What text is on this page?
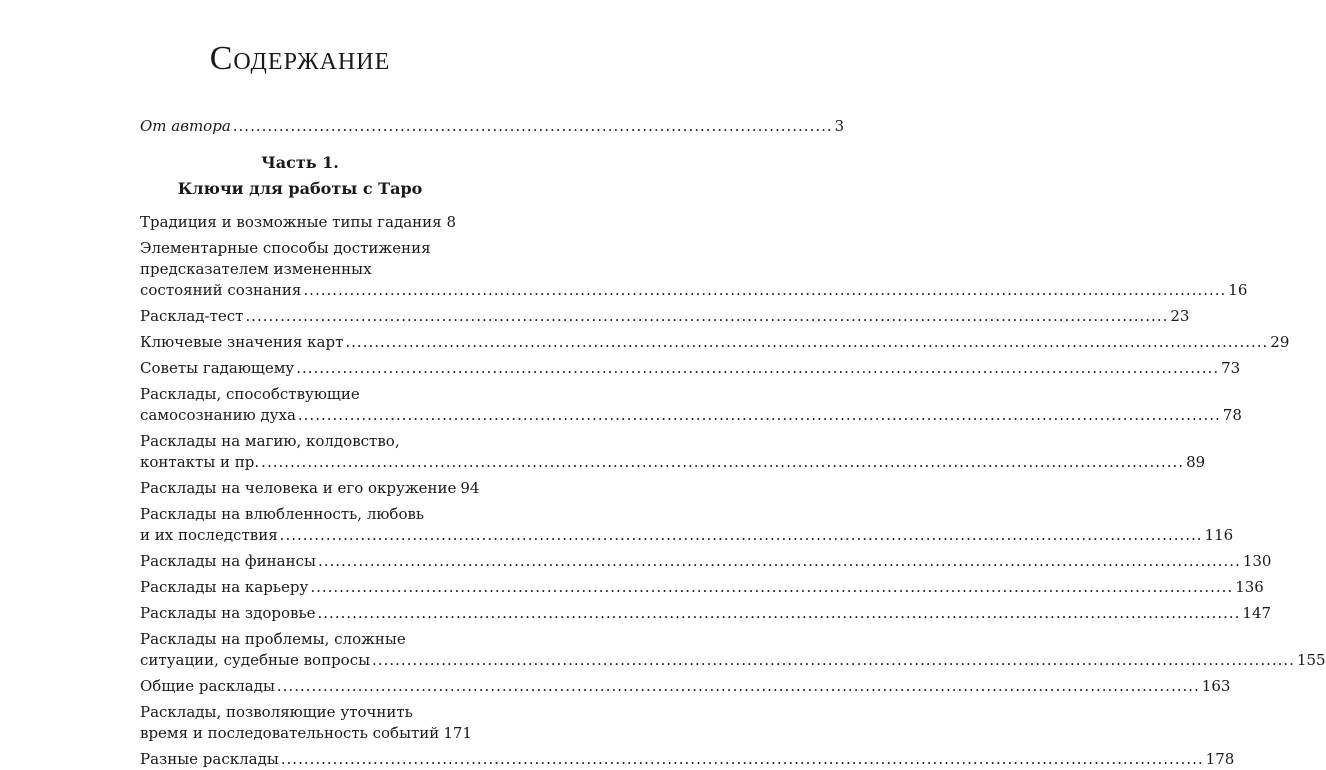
Содержание
От автора ........................................................................................................ 3
Часть 1.
Ключи для работы с Таро
Традиция и возможные типы гадания 8
Элементарные способы достижения
предсказателем измененных
состояний сознания ................................................................................................................................................................ 16
Расклад-тест ................................................................................................................................................................ 23
Ключевые значения карт ................................................................................................................................................................ 29
Советы гадающему ................................................................................................................................................................ 73
Расклады, способствующие
самосознанию духа ................................................................................................................................................................ 78
Расклады на магию, колдовство,
контакты и пр. ................................................................................................................................................................ 89
Расклады на человека и его окружение 94
Расклады на влюбленность, любовь
и их последствия ................................................................................................................................................................ 116
Расклады на финансы ................................................................................................................................................................ 130
Расклады на карьеру ................................................................................................................................................................ 136
Расклады на здоровье ................................................................................................................................................................ 147
Расклады на проблемы, сложные
ситуации, судебные вопросы ................................................................................................................................................................ 155
Общие расклады ................................................................................................................................................................ 163
Расклады, позволяющие уточнить
время и последовательность событий 171
Разные расклады ................................................................................................................................................................ 178
